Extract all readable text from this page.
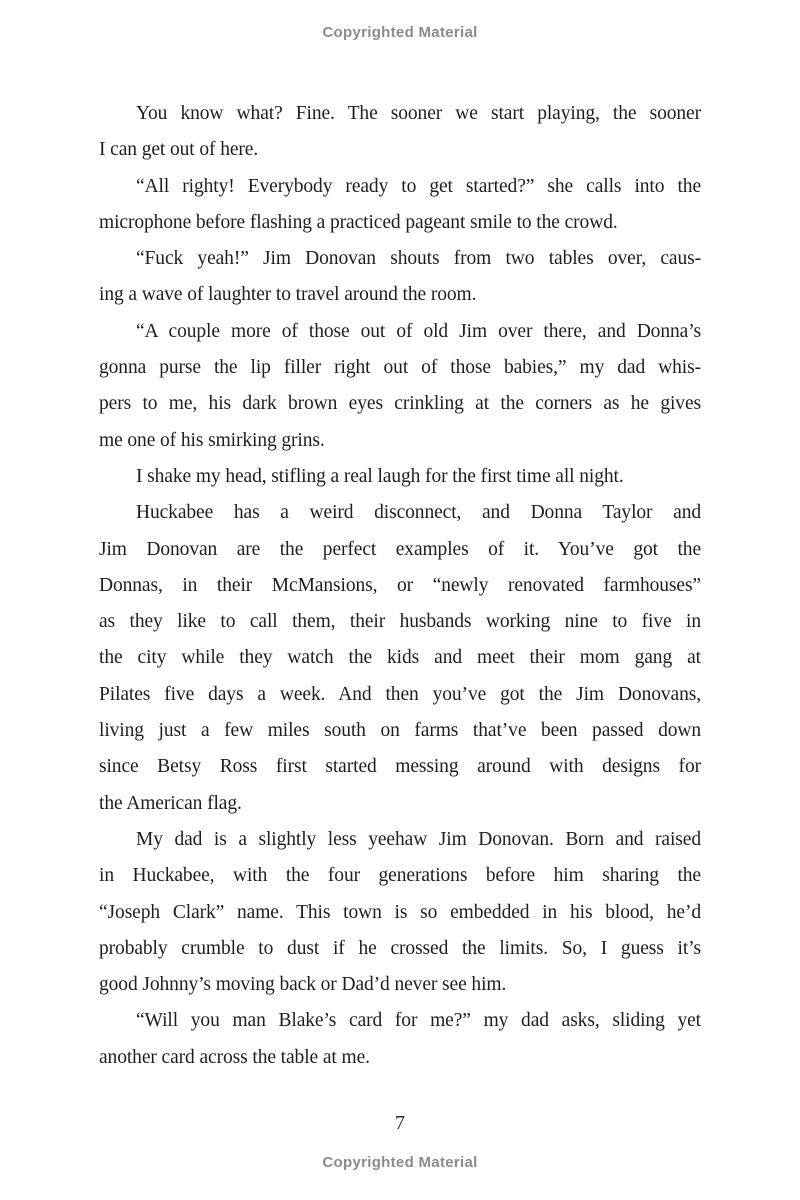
Copyrighted Material
You know what? Fine. The sooner we start playing, the sooner
I can get out of here.
“All righty! Everybody ready to get started?” she calls into the
microphone before flashing a practiced pageant smile to the crowd.
“Fuck yeah!” Jim Donovan shouts from two tables over, caus-
ing a wave of laughter to travel around the room.
“A couple more of those out of old Jim over there, and Donna’s
gonna purse the lip filler right out of those babies,” my dad whis-
pers to me, his dark brown eyes crinkling at the corners as he gives
me one of his smirking grins.
I shake my head, stifling a real laugh for the first time all night.
Huckabee has a weird disconnect, and Donna Taylor and
Jim Donovan are the perfect examples of it. You’ve got the
Donnas, in their McMansions, or “newly renovated farmhouses”
as they like to call them, their husbands working nine to five in
the city while they watch the kids and meet their mom gang at
Pilates five days a week. And then you’ve got the Jim Donovans,
living just a few miles south on farms that’ve been passed down
since Betsy Ross first started messing around with designs for
the American flag.
My dad is a slightly less yeehaw Jim Donovan. Born and raised
in Huckabee, with the four generations before him sharing the
“Joseph Clark” name. This town is so embedded in his blood, he’d
probably crumble to dust if he crossed the limits. So, I guess it’s
good Johnny’s moving back or Dad’d never see him.
“Will you man Blake’s card for me?” my dad asks, sliding yet
another card across the table at me.
7
Copyrighted Material
